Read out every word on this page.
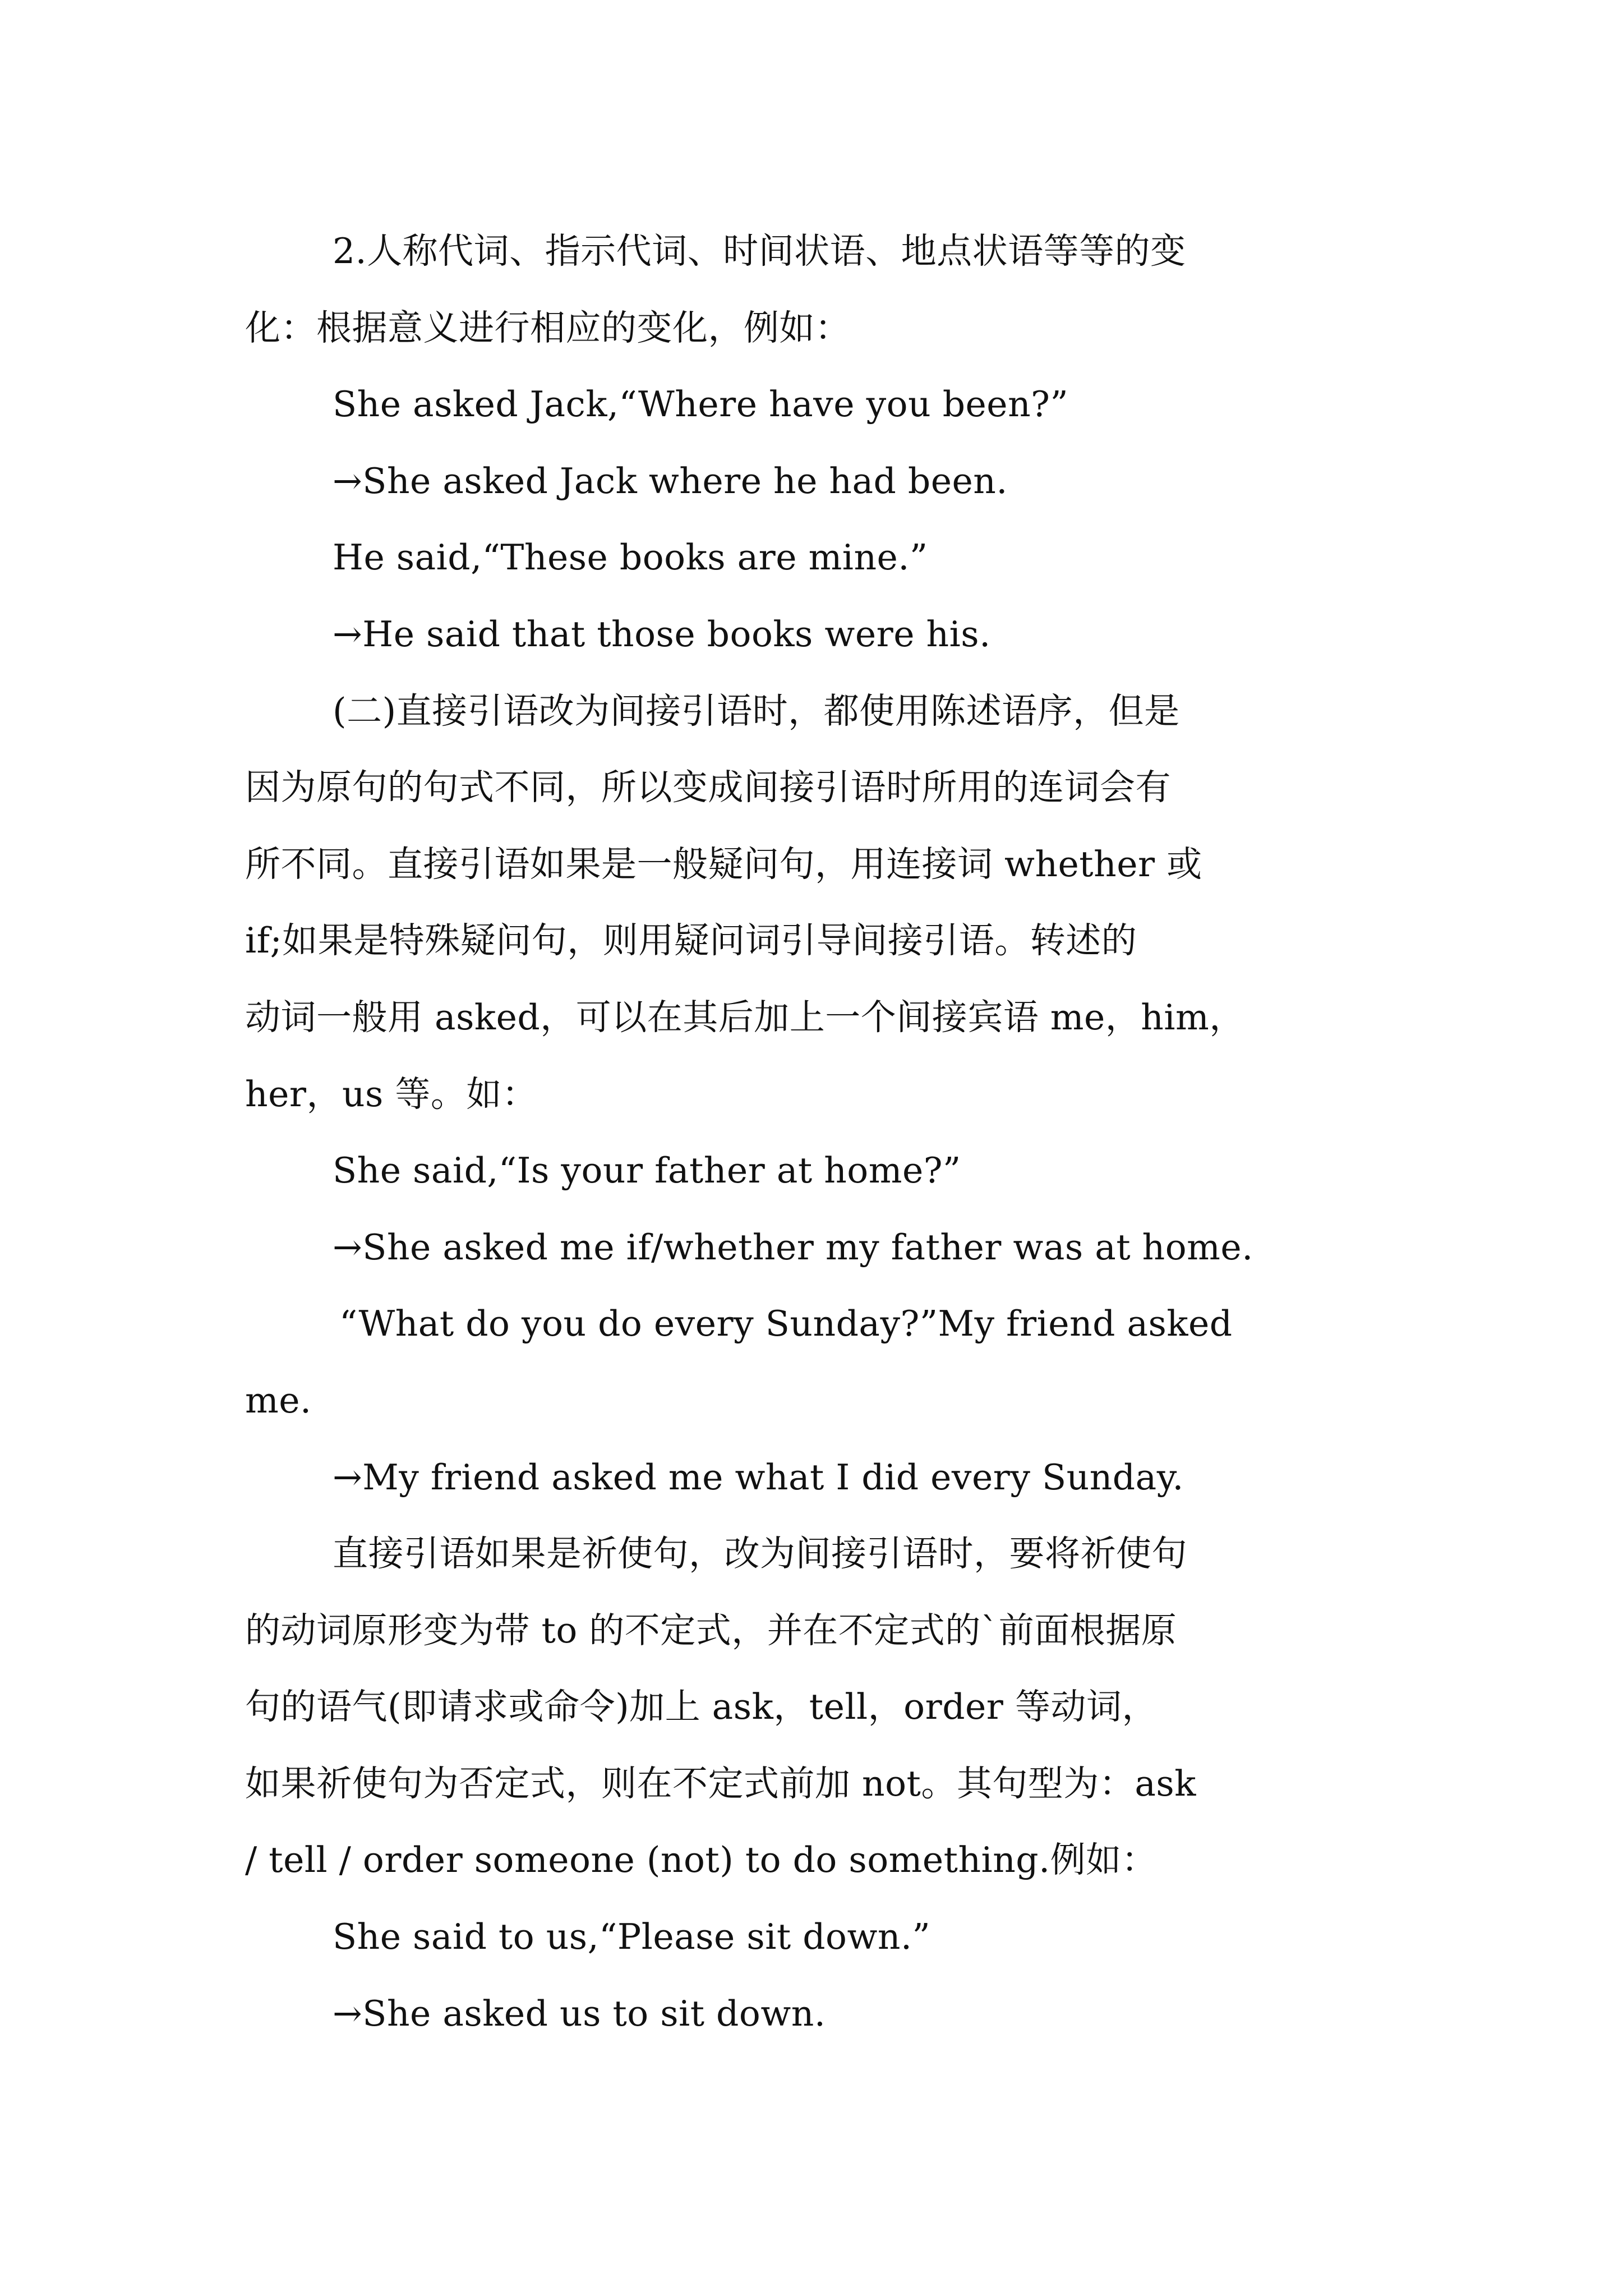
2.人称代词、指示代词、时间状语、地点状语等等的变
化：根据意义进行相应的变化，例如：
She asked Jack,“Where have you been?”
→She asked Jack where he had been.
He said,“These books are mine.”
→He said that those books were his.
(二)直接引语改为间接引语时，都使用陈述语序，但是
因为原句的句式不同，所以变成间接引语时所用的连词会有
所不同。直接引语如果是一般疑问句，用连接词 whether 或
if;如果是特殊疑问句，则用疑问词引导间接引语。转述的
动词一般用 asked，可以在其后加上一个间接宾语 me，him，
her，us 等。如：
She said,“Is your father at home?”
→She asked me if/whether my father was at home.
“What do you do every Sunday?”My friend asked
me.
→My friend asked me what I did every Sunday.
直接引语如果是祈使句，改为间接引语时，要将祈使句
的动词原形变为带 to 的不定式，并在不定式的`前面根据原
句的语气(即请求或命令)加上 ask，tell，order 等动词，
如果祈使句为否定式，则在不定式前加 not。其句型为：ask
/ tell / order someone (not) to do something.例如：
She said to us,“Please sit down.”
→She asked us to sit down.
